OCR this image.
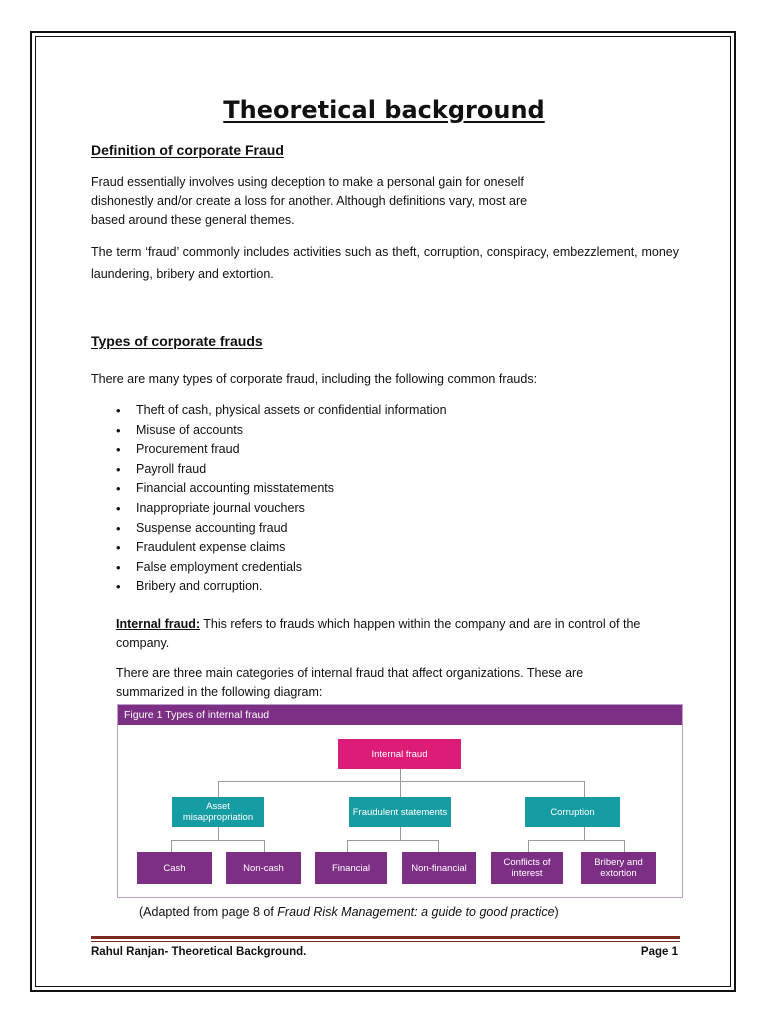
Theoretical background
Definition of corporate Fraud
Fraud essentially involves using deception to make a personal gain for oneself
dishonestly and/or create a loss for another. Although definitions vary, most are
based around these general themes.
The term ‘fraud’ commonly includes activities such as theft, corruption, conspiracy, embezzlement, money laundering, bribery and extortion.
Types of corporate frauds
There are many types of corporate fraud, including the following common frauds:
• Theft of cash, physical assets or confidential information
• Misuse of accounts
• Procurement fraud
• Payroll fraud
• Financial accounting misstatements
• Inappropriate journal vouchers
• Suspense accounting fraud
• Fraudulent expense claims
• False employment credentials
• Bribery and corruption.
Internal fraud: This refers to frauds which happen within the company and are in control of the company.
There are three main categories of internal fraud that affect organizations. These are summarized in the following diagram:
Figure 1 Types of internal fraud
Internal fraud
Asset misappropriation	Fraudulent statements	Corruption
Cash	Non-cash	Financial	Non-financial	Conflicts of interest
Bribery and extortion
(Adapted from page 8 of Fraud Risk Management: a guide to good practice)
Rahul Ranjan- Theoretical Background.	Page 1
